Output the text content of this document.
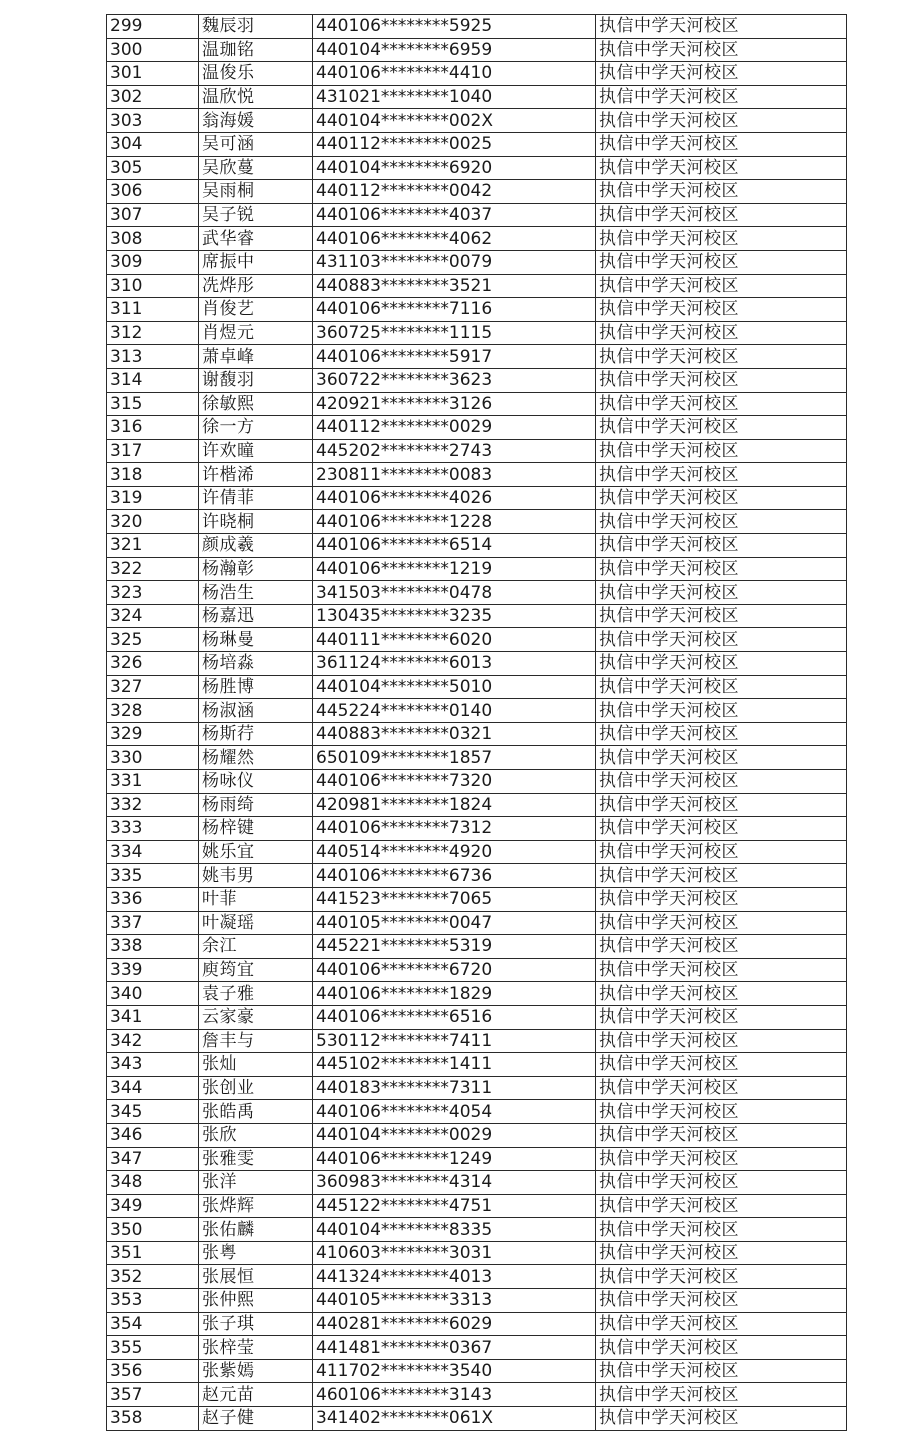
299	魏辰羽	440106********5925	执信中学天河校区
300	温珈铭	440104********6959	执信中学天河校区
301	温俊乐	440106********4410	执信中学天河校区
302	温欣悦	431021********1040	执信中学天河校区
303	翁海媛	440104********002X	执信中学天河校区
304	吴可涵	440112********0025	执信中学天河校区
305	吴欣蔓	440104********6920	执信中学天河校区
306	吴雨桐	440112********0042	执信中学天河校区
307	吴子锐	440106********4037	执信中学天河校区
308	武华睿	440106********4062	执信中学天河校区
309	席振中	431103********0079	执信中学天河校区
310	冼烨彤	440883********3521	执信中学天河校区
311	肖俊艺	440106********7116	执信中学天河校区
312	肖煜元	360725********1115	执信中学天河校区
313	萧卓峰	440106********5917	执信中学天河校区
314	谢馥羽	360722********3623	执信中学天河校区
315	徐敏熙	420921********3126	执信中学天河校区
316	徐一方	440112********0029	执信中学天河校区
317	许欢曈	445202********2743	执信中学天河校区
318	许楷浠	230811********0083	执信中学天河校区
319	许倩菲	440106********4026	执信中学天河校区
320	许晓桐	440106********1228	执信中学天河校区
321	颜成羲	440106********6514	执信中学天河校区
322	杨瀚彰	440106********1219	执信中学天河校区
323	杨浩生	341503********0478	执信中学天河校区
324	杨嘉迅	130435********3235	执信中学天河校区
325	杨琳曼	440111********6020	执信中学天河校区
326	杨培淼	361124********6013	执信中学天河校区
327	杨胜博	440104********5010	执信中学天河校区
328	杨淑涵	445224********0140	执信中学天河校区
329	杨斯荇	440883********0321	执信中学天河校区
330	杨耀然	650109********1857	执信中学天河校区
331	杨咏仪	440106********7320	执信中学天河校区
332	杨雨绮	420981********1824	执信中学天河校区
333	杨梓键	440106********7312	执信中学天河校区
334	姚乐宜	440514********4920	执信中学天河校区
335	姚韦男	440106********6736	执信中学天河校区
336	叶菲	441523********7065	执信中学天河校区
337	叶凝瑶	440105********0047	执信中学天河校区
338	余江	445221********5319	执信中学天河校区
339	庾筠宜	440106********6720	执信中学天河校区
340	袁子雅	440106********1829	执信中学天河校区
341	云家豪	440106********6516	执信中学天河校区
342	詹丰与	530112********7411	执信中学天河校区
343	张灿	445102********1411	执信中学天河校区
344	张创业	440183********7311	执信中学天河校区
345	张皓禹	440106********4054	执信中学天河校区
346	张欣	440104********0029	执信中学天河校区
347	张雅雯	440106********1249	执信中学天河校区
348	张洋	360983********4314	执信中学天河校区
349	张烨辉	445122********4751	执信中学天河校区
350	张佑麟	440104********8335	执信中学天河校区
351	张粤	410603********3031	执信中学天河校区
352	张展恒	441324********4013	执信中学天河校区
353	张仲熙	440105********3313	执信中学天河校区
354	张子琪	440281********6029	执信中学天河校区
355	张梓莹	441481********0367	执信中学天河校区
356	张紫嫣	411702********3540	执信中学天河校区
357	赵元苗	460106********3143	执信中学天河校区
358	赵子健	341402********061X	执信中学天河校区
